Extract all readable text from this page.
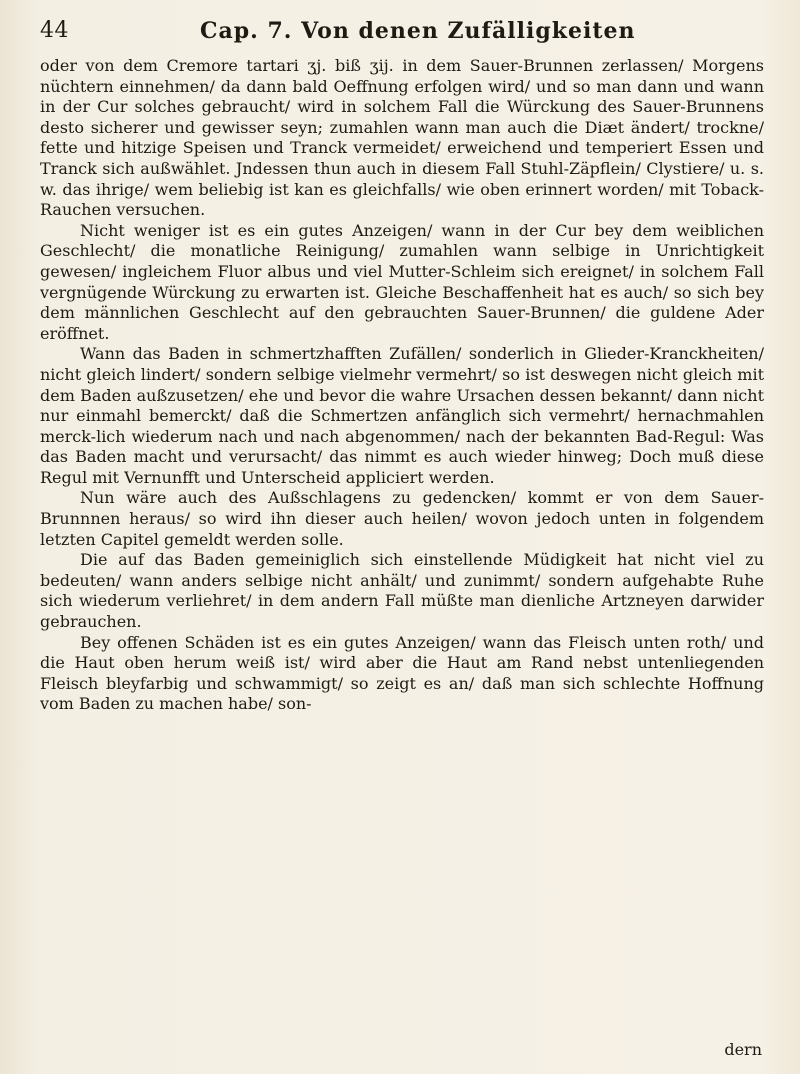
44	Cap. 7. Von denen Zufälligkeiten

oder von dem Cremore tartari ʒj. biß ʒij. in dem Sauer-Brunnen zerlassen/ Morgens nüchtern einnehmen/ da dann bald Oeffnung erfolgen wird/ und so man dann und wann in der Cur solches gebraucht/ wird in solchem Fall die Würckung des Sauer-Brunnens desto sicherer und gewisser seyn; zumahlen wann man auch die Diæt ändert/ trockne/ fette und hitzige Speisen und Tranck vermeidet/ erweichend und temperiert Essen und Tranck sich außwählet. Jndessen thun auch in diesem Fall Stuhl-Zäpflein/ Clystiere/ u. s. w. das ihrige/ wem beliebig ist kan es gleichfalls/ wie oben erinnert worden/ mit Toback-Rauchen versuchen.

Nicht weniger ist es ein gutes Anzeigen/ wann in der Cur bey dem weiblichen Geschlecht/ die monatliche Reinigung/ zumahlen wann selbige in Unrichtigkeit gewesen/ ingleichem Fluor albus und viel Mutter-Schleim sich ereignet/ in solchem Fall vergnügende Würckung zu erwarten ist. Gleiche Beschaffenheit hat es auch/ so sich bey dem männlichen Geschlecht auf den gebrauchten Sauer-Brunnen/ die guldene Ader eröffnet.

Wann das Baden in schmertzhafften Zufällen/ sonderlich in Glieder-Kranckheiten/ nicht gleich lindert/ sondern selbige vielmehr vermehrt/ so ist deswegen nicht gleich mit dem Baden außzusetzen/ ehe und bevor die wahre Ursachen dessen bekannt/ dann nicht nur einmahl bemerckt/ daß die Schmertzen anfänglich sich vermehrt/ hernachmahlen merck-lich wiederum nach und nach abgenommen/ nach der bekannten Bad-Regul: Was das Baden macht und verursacht/ das nimmt es auch wieder hinweg; Doch muß diese Regul mit Vernunfft und Unterscheid appliciert werden.

Nun wäre auch des Außschlagens zu gedencken/ kommt er von dem Sauer-Brunnnen heraus/ so wird ihn dieser auch heilen/ wovon jedoch unten in folgendem letzten Capitel gemeldt werden solle.

Die auf das Baden gemeiniglich sich einstellende Müdigkeit hat nicht viel zu bedeuten/ wann anders selbige nicht anhält/ und zunimmt/ sondern aufgehabte Ruhe sich wiederum verliehret/ in dem andern Fall müßte man dienliche Artzneyen darwider gebrauchen.

Bey offenen Schäden ist es ein gutes Anzeigen/ wann das Fleisch unten roth/ und die Haut oben herum weiß ist/ wird aber die Haut am Rand nebst untenliegenden Fleisch bleyfarbig und schwammigt/ so zeigt es an/ daß man sich schlechte Hoffnung vom Baden zu machen habe/ son-

dern
